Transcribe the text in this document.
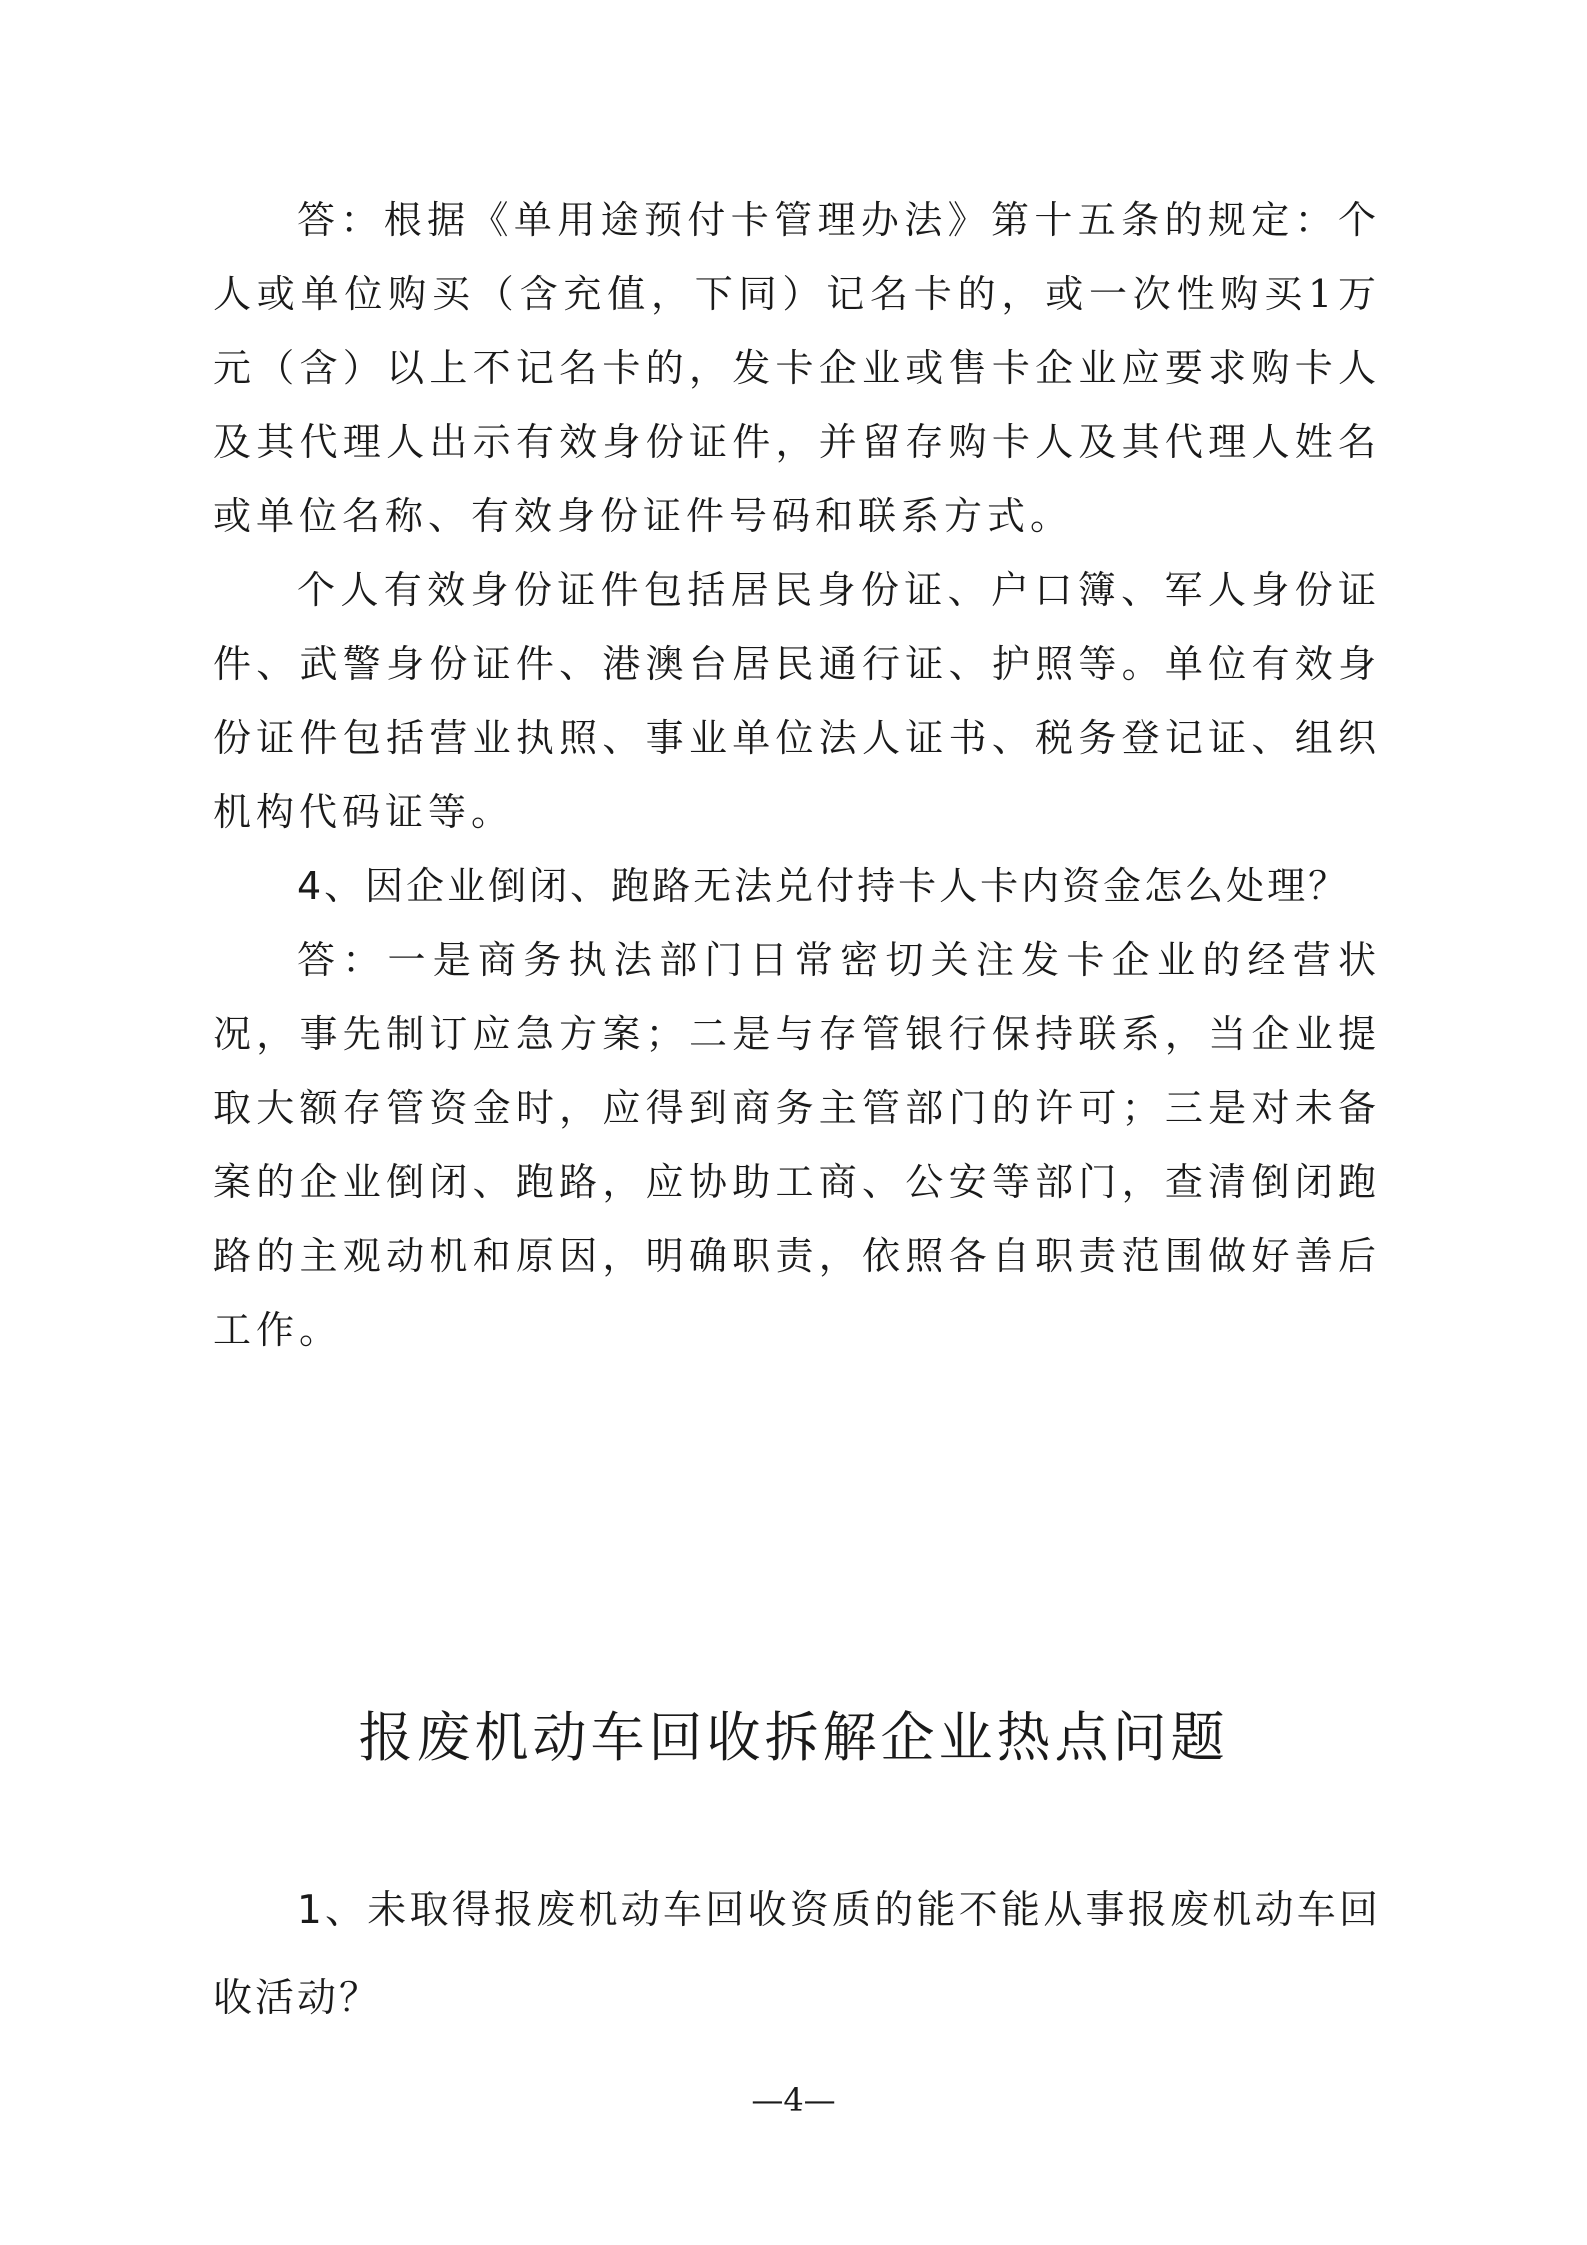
答：根据《单用途预付卡管理办法》第十五条的规定：个人或单位购买（含充值，下同）记名卡的，或一次性购买1万元（含）以上不记名卡的，发卡企业或售卡企业应要求购卡人及其代理人出示有效身份证件，并留存购卡人及其代理人姓名或单位名称、有效身份证件号码和联系方式。

个人有效身份证件包括居民身份证、户口簿、军人身份证件、武警身份证件、港澳台居民通行证、护照等。单位有效身份证件包括营业执照、事业单位法人证书、税务登记证、组织机构代码证等。

4、因企业倒闭、跑路无法兑付持卡人卡内资金怎么处理？

答：一是商务执法部门日常密切关注发卡企业的经营状况，事先制订应急方案；二是与存管银行保持联系，当企业提取大额存管资金时，应得到商务主管部门的许可；三是对未备案的企业倒闭、跑路，应协助工商、公安等部门，查清倒闭跑路的主观动机和原因，明确职责，依照各自职责范围做好善后工作。

报废机动车回收拆解企业热点问题

1、未取得报废机动车回收资质的能不能从事报废机动车回收活动？

—4—
